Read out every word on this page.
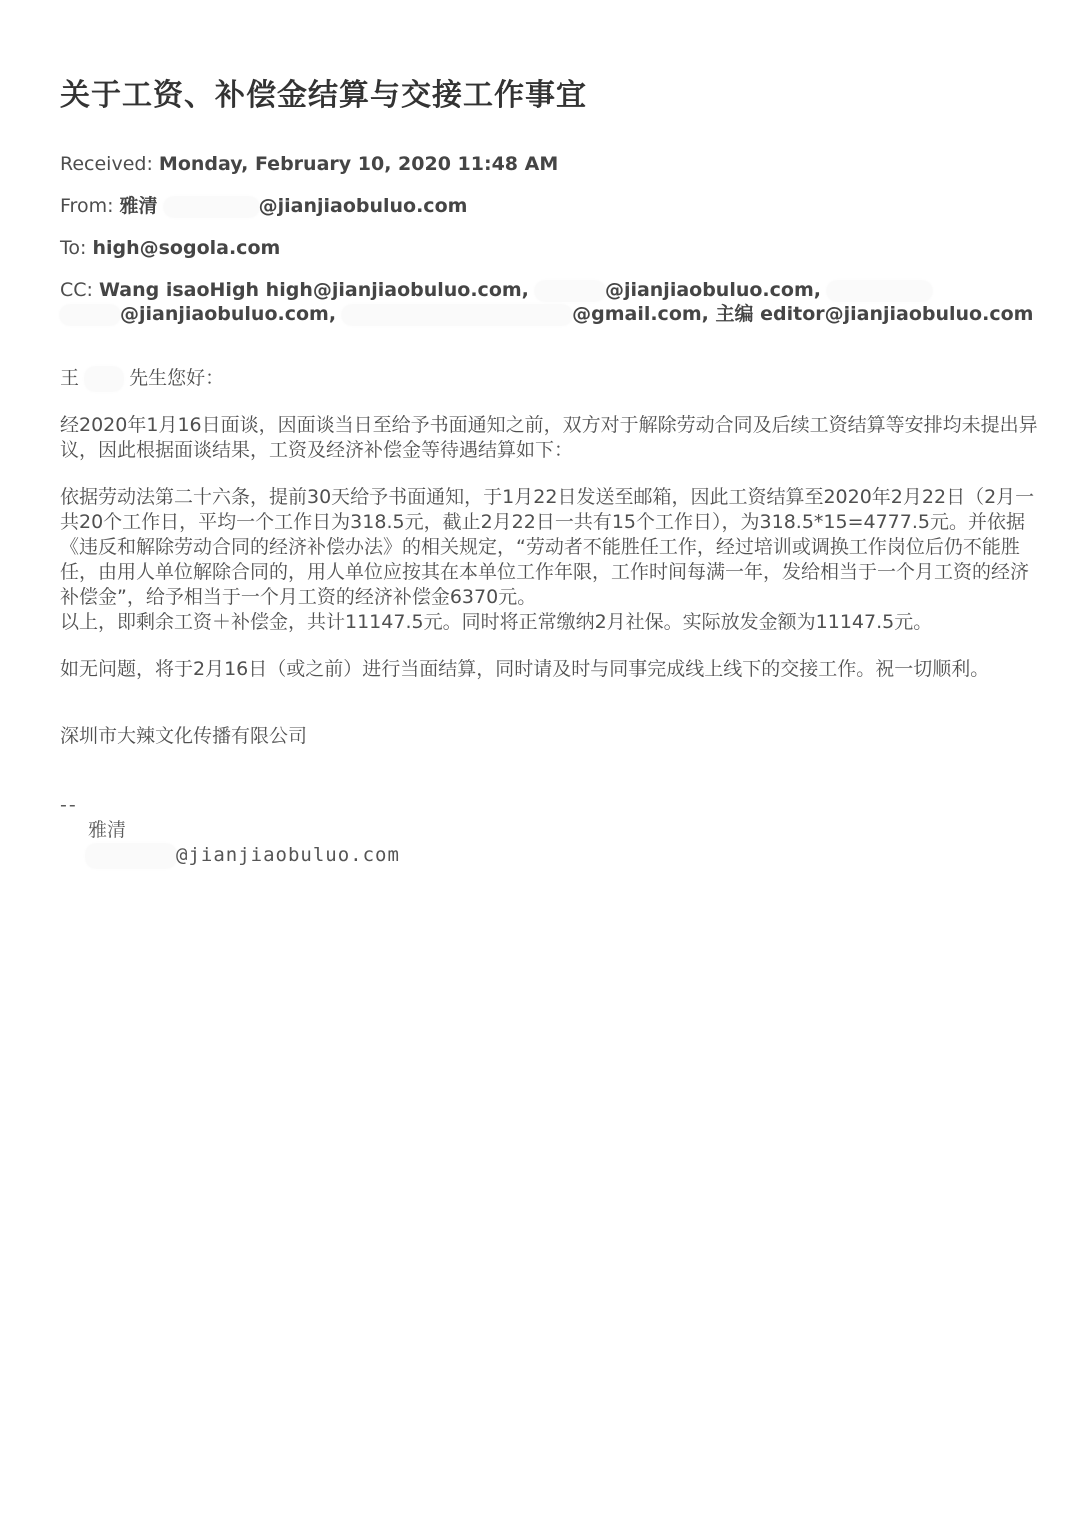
关于工资、补偿金结算与交接工作事宜
Received: Monday, February 10, 2020 11:48 AM
From: 雅清	@jianjiaobuluo.com
To: high@sogola.com
CC: Wang isaoHigh high@jianjiaobuluo.com,	@jianjiaobuluo.com,
@jianjiaobuluo.com,	@gmail.com, 主编 editor@jianjiaobuluo.com

王	先生您好：

经2020年1月16日面谈，因面谈当日至给予书面通知之前，双方对于解除劳动合同及后续工资结算等安排均未提出异议，因此根据面谈结果，工资及经济补偿金等待遇结算如下：

依据劳动法第二十六条，提前30天给予书面通知，于1月22日发送至邮箱，因此工资结算至2020年2月22日（2月一共20个工作日，平均一个工作日为318.5元，截止2月22日一共有15个工作日），为318.5*15=4777.5元。并依据《违反和解除劳动合同的经济补偿办法》的相关规定，“劳动者不能胜任工作，经过培训或调换工作岗位后仍不能胜任，由用人单位解除合同的，用人单位应按其在本单位工作年限，工作时间每满一年，发给相当于一个月工资的经济补偿金”，给予相当于一个月工资的经济补偿金6370元。
以上，即剩余工资＋补偿金，共计11147.5元。同时将正常缴纳2月社保。实际放发金额为11147.5元。

如无问题，将于2月16日（或之前）进行当面结算，同时请及时与同事完成线上线下的交接工作。祝一切顺利。

深圳市大辣文化传播有限公司

--
雅清
@jianjiaobuluo.com
